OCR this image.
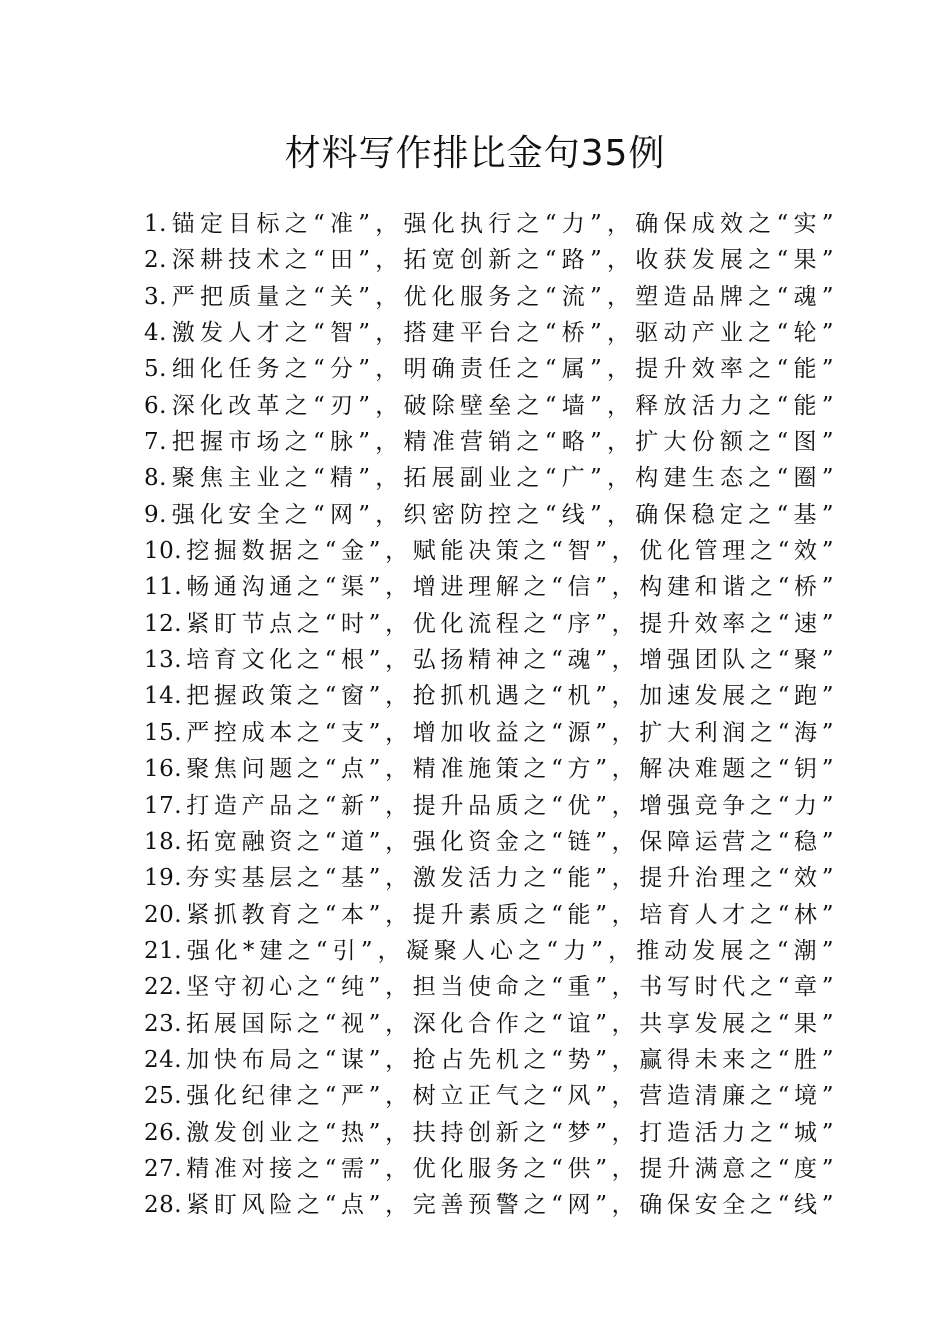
材料写作排比金句35例
1.锚定目标之“准”，强化执行之“力”，确保成效之“实”
2.深耕技术之“田”，拓宽创新之“路”，收获发展之“果”
3.严把质量之“关”，优化服务之“流”，塑造品牌之“魂”
4.激发人才之“智”，搭建平台之“桥”，驱动产业之“轮”
5.细化任务之“分”，明确责任之“属”，提升效率之“能”
6.深化改革之“刃”，破除壁垒之“墙”，释放活力之“能”
7.把握市场之“脉”，精准营销之“略”，扩大份额之“图”
8.聚焦主业之“精”，拓展副业之“广”，构建生态之“圈”
9.强化安全之“网”，织密防控之“线”，确保稳定之“基”
10.挖掘数据之“金”，赋能决策之“智”，优化管理之“效”
11.畅通沟通之“渠”，增进理解之“信”，构建和谐之“桥”
12.紧盯节点之“时”，优化流程之“序”，提升效率之“速”
13.培育文化之“根”，弘扬精神之“魂”，增强团队之“聚”
14.把握政策之“窗”，抢抓机遇之“机”，加速发展之“跑”
15.严控成本之“支”，增加收益之“源”，扩大利润之“海”
16.聚焦问题之“点”，精准施策之“方”，解决难题之“钥”
17.打造产品之“新”，提升品质之“优”，增强竞争之“力”
18.拓宽融资之“道”，强化资金之“链”，保障运营之“稳”
19.夯实基层之“基”，激发活力之“能”，提升治理之“效”
20.紧抓教育之“本”，提升素质之“能”，培育人才之“林”
21.强化*建之“引”，凝聚人心之“力”，推动发展之“潮”
22.坚守初心之“纯”，担当使命之“重”，书写时代之“章”
23.拓展国际之“视”，深化合作之“谊”，共享发展之“果”
24.加快布局之“谋”，抢占先机之“势”，赢得未来之“胜”
25.强化纪律之“严”，树立正气之“风”，营造清廉之“境”
26.激发创业之“热”，扶持创新之“梦”，打造活力之“城”
27.精准对接之“需”，优化服务之“供”，提升满意之“度”
28.紧盯风险之“点”，完善预警之“网”，确保安全之“线”
